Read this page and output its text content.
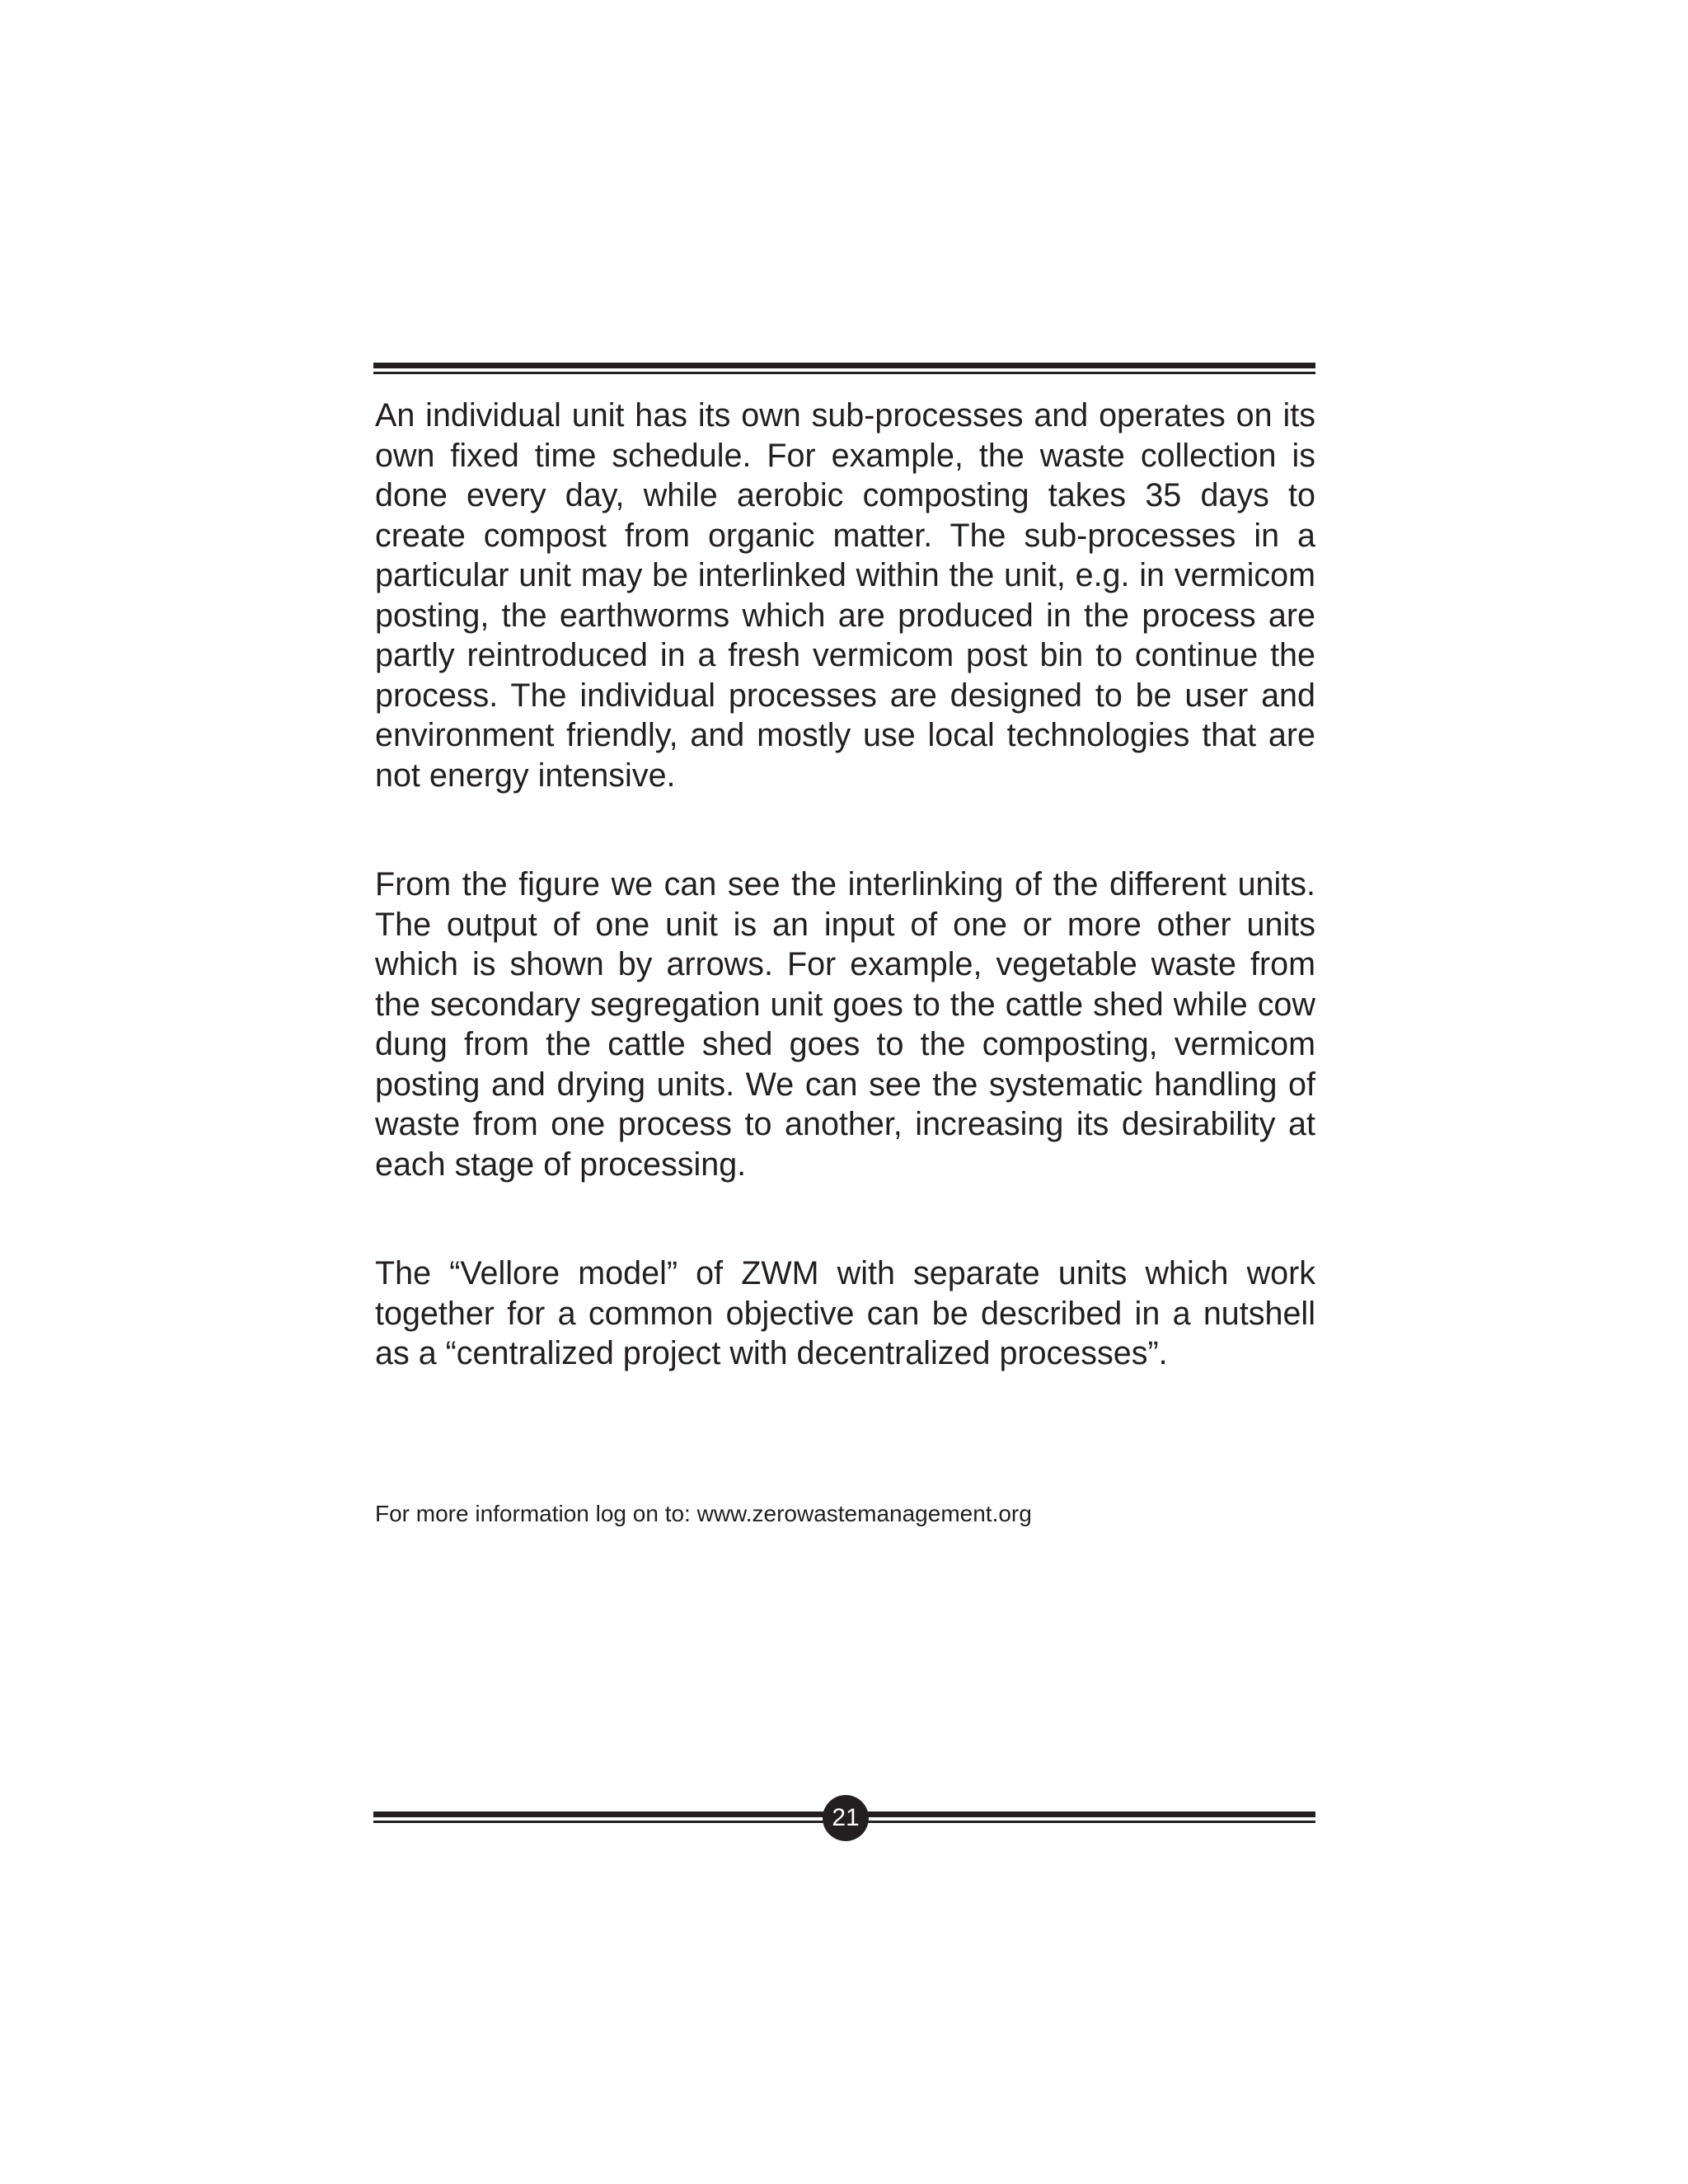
An individual unit has its own sub-processes and operates on its own fixed time schedule. For example, the waste collection is done every day, while aerobic composting takes 35 days to create compost from organic matter. The sub-processes in a particular unit may be interlinked within the unit, e.g. in vermicom posting, the earthworms which are produced in the process are partly reintroduced in a fresh vermicom post bin to continue the process. The individual processes are designed to be user and environment friendly, and mostly use local technologies that are not energy intensive.

From the figure we can see the interlinking of the different units. The output of one unit is an input of one or more other units which is shown by arrows. For example, vegetable waste from the secondary segregation unit goes to the cattle shed while cow dung from the cattle shed goes to the composting, vermicom posting and drying units. We can see the systematic handling of waste from one process to another, increasing its desirability at each stage of processing.

The “Vellore model” of ZWM with separate units which work together for a common objective can be described in a nutshell as a “centralized project with decentralized processes”.

For more information log on to: www.zerowastemanagement.org

21
